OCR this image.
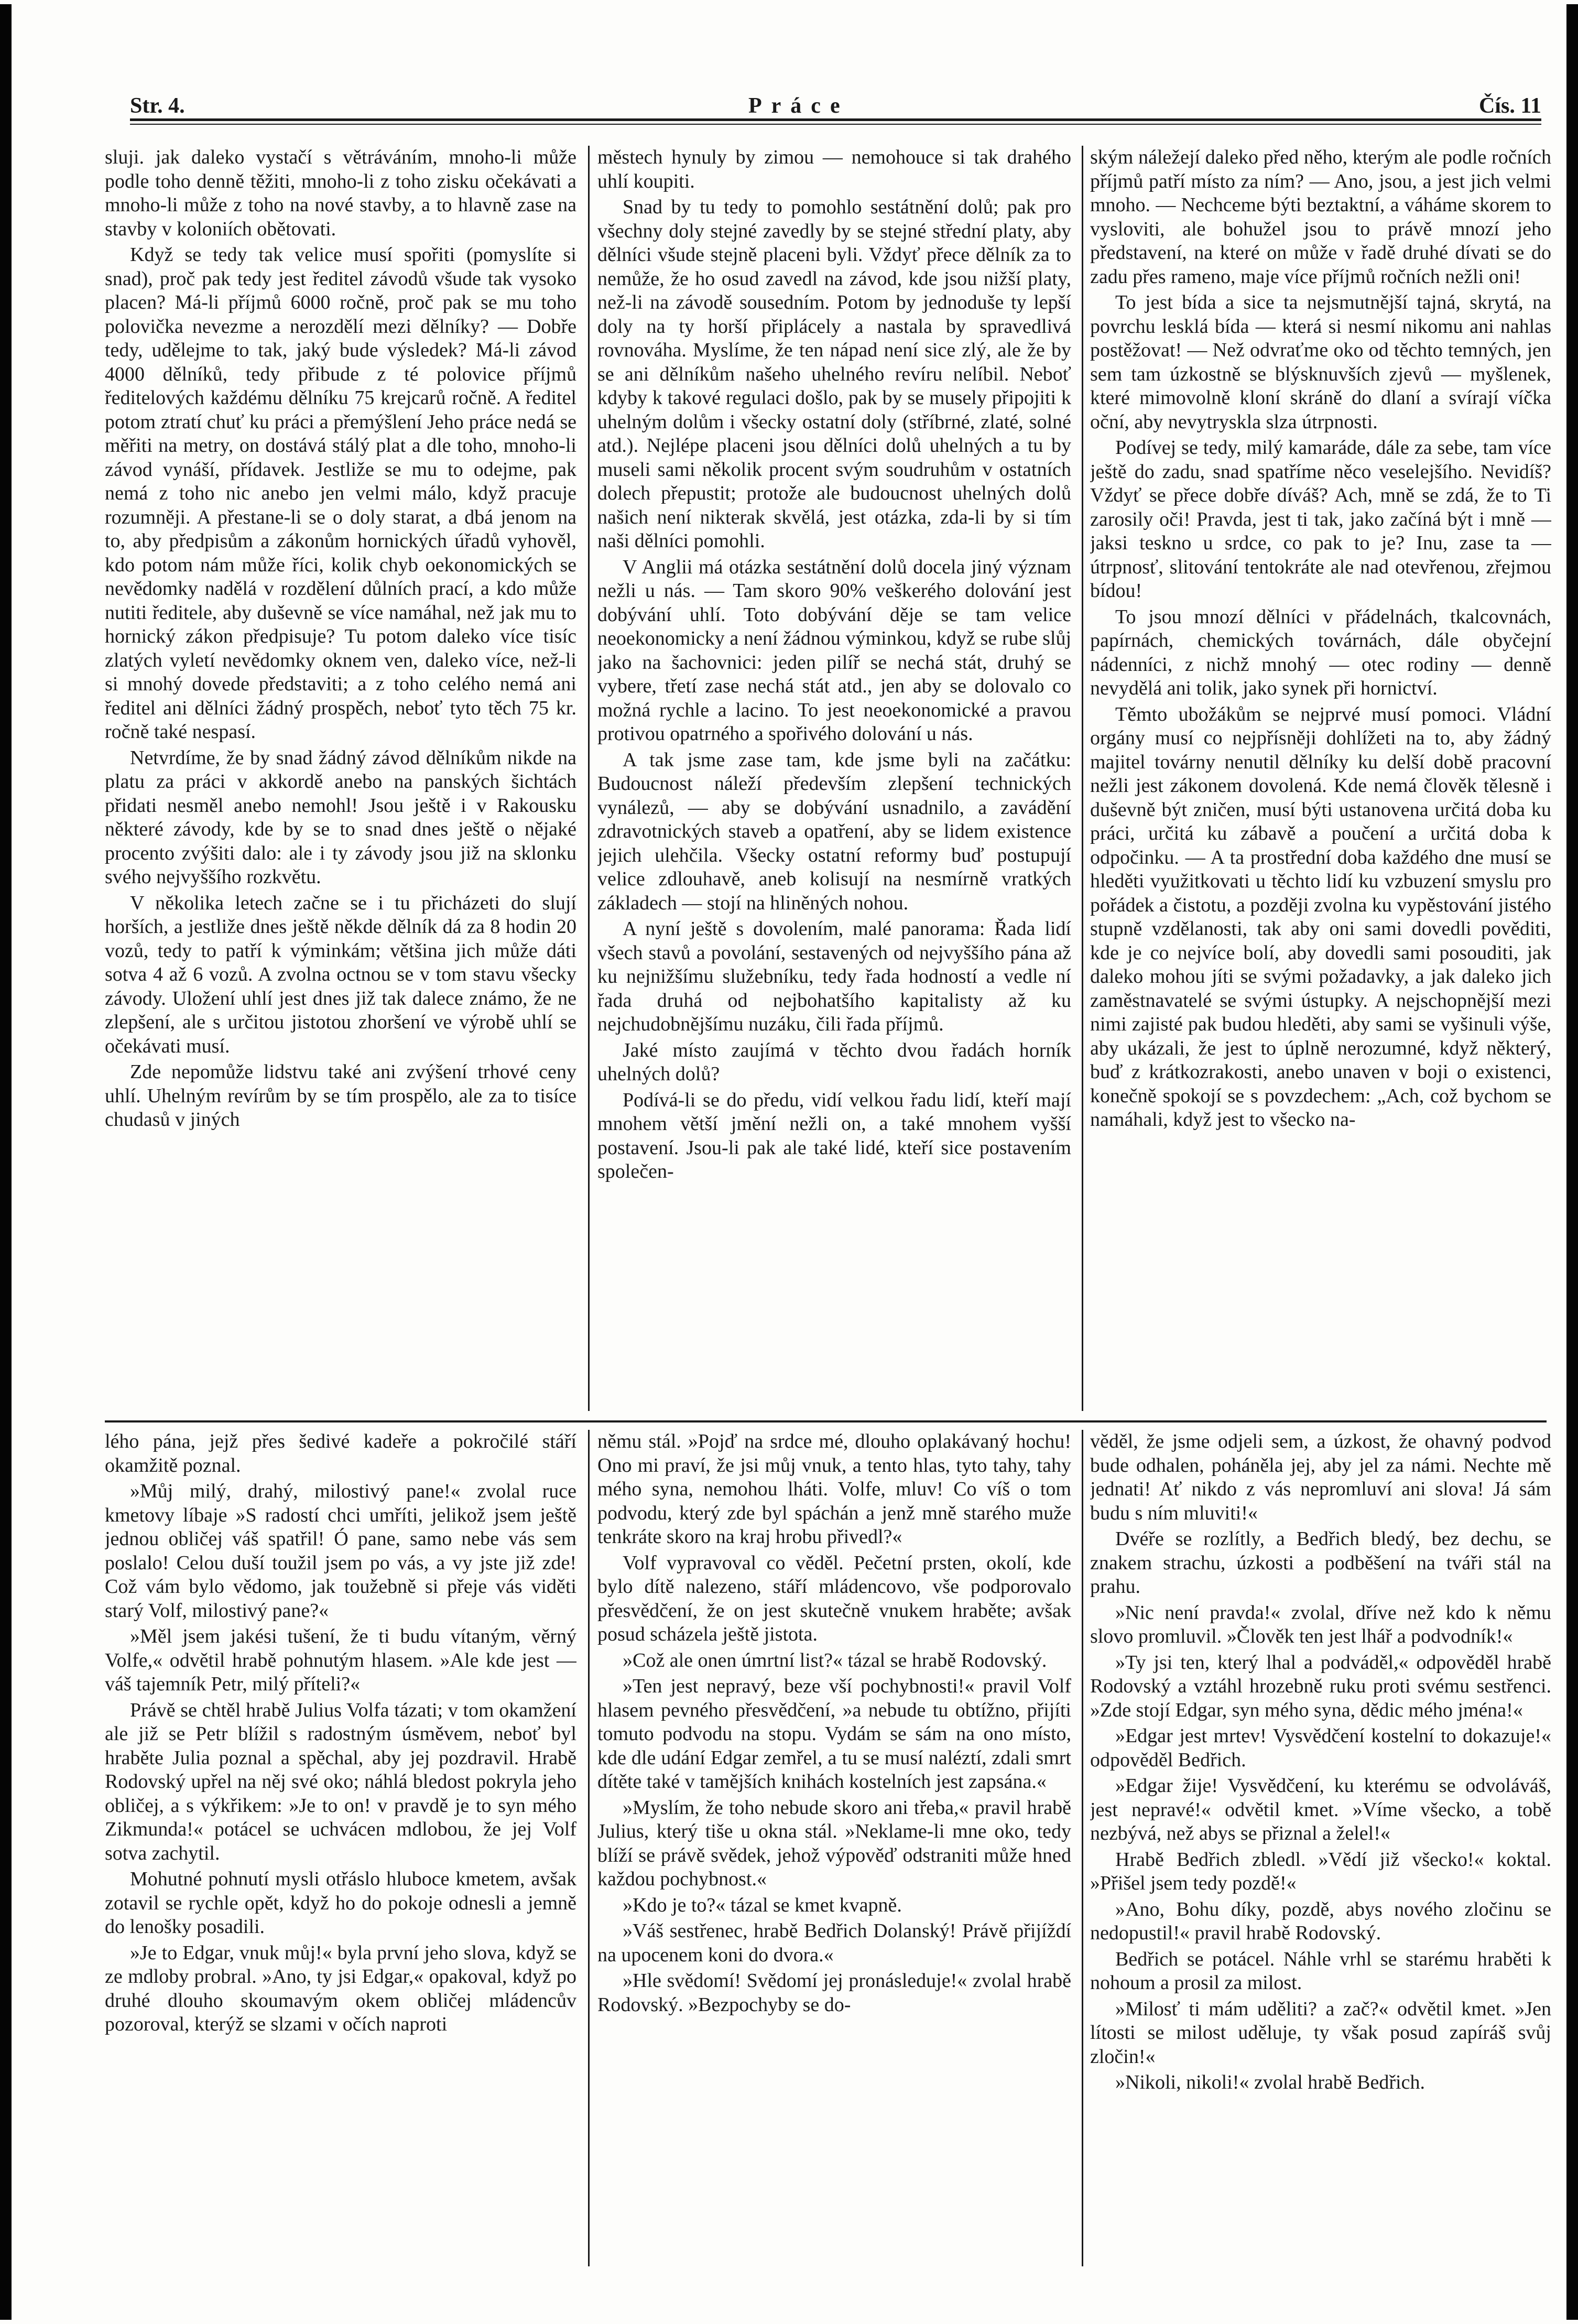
Str. 4.	Práce	Čís. 11

sluji. jak daleko vystačí s větráváním, mnoho-li může podle toho denně těžiti, mnoho-li z toho zisku očekávati a mnoho-li může z toho na nové stavby, a to hlavně zase na stavby v koloniích obětovati.

Když se tedy tak velice musí spořiti (pomyslíte si snad), proč pak tedy jest ředitel závodů všude tak vysoko placen? Má-li příjmů 6000 ročně, proč pak se mu toho polovička nevezme a nerozdělí mezi dělníky? — Dobře tedy, udělejme to tak, jaký bude výsledek? Má-li závod 4000 dělníků, tedy přibude z té polovice příjmů ředitelových každému dělníku 75 krejcarů ročně. A ředitel potom ztratí chuť ku práci a přemýšlení Jeho práce nedá se měřiti na metry, on dostává stálý plat a dle toho, mnoho-li závod vynáší, přídavek. Jestliže se mu to odejme, pak nemá z toho nic anebo jen velmi málo, když pracuje rozumněji. A přestane-li se o doly starat, a dbá jenom na to, aby předpisům a zákonům hornických úřadů vyhověl, kdo potom nám může říci, kolik chyb oekonomických se nevědomky nadělá v rozdělení důlních prací, a kdo může nutiti ředitele, aby duševně se více namáhal, než jak mu to hornický zákon předpisuje? Tu potom daleko více tisíc zlatých vyletí nevědomky oknem ven, daleko více, než-li si mnohý dovede představiti; a z toho celého nemá ani ředitel ani dělníci žádný prospěch, neboť tyto těch 75 kr. ročně také nespasí.

Netvrdíme, že by snad žádný závod dělníkům nikde na platu za práci v akkordě anebo na panských šichtách přidati nesměl anebo nemohl! Jsou ještě i v Rakousku některé závody, kde by se to snad dnes ještě o nějaké procento zvýšiti dalo: ale i ty závody jsou již na sklonku svého nejvyššího rozkvětu.

V několika letech začne se i tu přicházeti do slují horších, a jestliže dnes ještě někde dělník dá za 8 hodin 20 vozů, tedy to patří k výminkám; většina jich může dáti sotva 4 až 6 vozů. A zvolna octnou se v tom stavu všecky závody. Uložení uhlí jest dnes již tak dalece známo, že ne zlepšení, ale s určitou jistotou zhoršení ve výrobě uhlí se očekávati musí.

Zde nepomůže lidstvu také ani zvýšení trhové ceny uhlí. Uhelným revírům by se tím prospělo, ale za to tisíce chudasů v jiných

městech hynuly by zimou — nemohouce si tak drahého uhlí koupiti.

Snad by tu tedy to pomohlo sestátnění dolů; pak pro všechny doly stejné zavedly by se stejné střední platy, aby dělníci všude stejně placeni byli. Vždyť přece dělník za to nemůže, že ho osud zavedl na závod, kde jsou nižší platy, než-li na závodě sousedním. Potom by jednoduše ty lepší doly na ty horší připlácely a nastala by spravedlivá rovnováha. Myslíme, že ten nápad není sice zlý, ale že by se ani dělníkům našeho uhelného revíru nelíbil. Neboť kdyby k takové regulaci došlo, pak by se musely připojiti k uhelným dolům i všecky ostatní doly (stříbrné, zlaté, solné atd.). Nejlépe placeni jsou dělníci dolů uhelných a tu by museli sami několik procent svým soudruhům v ostatních dolech přepustit; protože ale budoucnost uhelných dolů našich není nikterak skvělá, jest otázka, zda-li by si tím naši dělníci pomohli.

V Anglii má otázka sestátnění dolů docela jiný význam nežli u nás. — Tam skoro 90% veškerého dolování jest dobývání uhlí. Toto dobývání děje se tam velice neoekonomicky a není žádnou výminkou, když se rube slůj jako na šachovnici: jeden pilíř se nechá stát, druhý se vybere, třetí zase nechá stát atd., jen aby se dolovalo co možná rychle a lacino. To jest neoekonomické a pravou protivou opatrného a spořivého dolování u nás.

A tak jsme zase tam, kde jsme byli na začátku: Budoucnost náleží především zlepšení technických vynálezů, — aby se dobývání usnadnilo, a zavádění zdravotnických staveb a opatření, aby se lidem existence jejich ulehčila. Všecky ostatní reformy buď postupují velice zdlouhavě, aneb kolisují na nesmírně vratkých základech — stojí na hliněných nohou.

A nyní ještě s dovolením, malé panorama: Řada lidí všech stavů a povolání, sestavených od nejvyššího pána až ku nejnižšímu služebníku, tedy řada hodností a vedle ní řada druhá od nejbohatšího kapitalisty až ku nejchudobnějšímu nuzáku, čili řada příjmů.

Jaké místo zaujímá v těchto dvou řadách horník uhelných dolů?

Podívá-li se do předu, vidí velkou řadu lidí, kteří mají mnohem větší jmění nežli on, a také mnohem vyšší postavení. Jsou-li pak ale také lidé, kteří sice postavením společen-

ským náležejí daleko před něho, kterým ale podle ročních příjmů patří místo za ním? — Ano, jsou, a jest jich velmi mnoho. — Nechceme býti beztaktní, a váháme skorem to vysloviti, ale bohužel jsou to právě mnozí jeho představení, na které on může v řadě druhé dívati se do zadu přes rameno, maje více příjmů ročních nežli oni!

To jest bída a sice ta nejsmutnější tajná, skrytá, na povrchu lesklá bída — která si nesmí nikomu ani nahlas postěžovat! — Než odvraťme oko od těchto temných, jen sem tam úzkostně se blýsknuvších zjevů — myšlenek, které mimovolně kloní skráně do dlaní a svírají víčka oční, aby nevytryskla slza útrpnosti.

Podívej se tedy, milý kamaráde, dále za sebe, tam více ještě do zadu, snad spatříme něco veselejšího. Nevidíš? Vždyť se přece dobře díváš? Ach, mně se zdá, že to Ti zarosily oči! Pravda, jest ti tak, jako začíná být i mně — jaksi teskno u srdce, co pak to je? Inu, zase ta — útrpnosť, slitování tentokráte ale nad otevřenou, zřejmou bídou!

To jsou mnozí dělníci v přádelnách, tkalcovnách, papírnách, chemických továrnách, dále obyčejní nádenníci, z nichž mnohý — otec rodiny — denně nevydělá ani tolik, jako synek při hornictví.

Těmto ubožákům se nejprvé musí pomoci. Vládní orgány musí co nejpřísněji dohlížeti na to, aby žádný majitel továrny nenutil dělníky ku delší době pracovní nežli jest zákonem dovolená. Kde nemá člověk tělesně i duševně být zničen, musí býti ustanovena určitá doba ku práci, určitá ku zábavě a poučení a určitá doba k odpočinku. — A ta prostřední doba každého dne musí se hleděti využitkovati u těchto lidí ku vzbuzení smyslu pro pořádek a čistotu, a později zvolna ku vypěstování jistého stupně vzdělanosti, tak aby oni sami dovedli pověditi, kde je co nejvíce bolí, aby dovedli sami posouditi, jak daleko mohou jíti se svými požadavky, a jak daleko jich zaměstnavatelé se svými ústupky. A nejschopnější mezi nimi zajisté pak budou hleděti, aby sami se vyšinuli výše, aby ukázali, že jest to úplně nerozumné, když některý, buď z krátkozrakosti, anebo unaven v boji o existenci, konečně spokojí se s povzdechem: „Ach, což bychom se namáhali, když jest to všecko na-

lého pána, jejž přes šedivé kadeře a pokročilé stáří okamžitě poznal.

»Můj milý, drahý, milostivý pane!« zvolal ruce kmetovy líbaje »S radostí chci umříti, jelikož jsem ještě jednou obličej váš spatřil! Ó pane, samo nebe vás sem poslalo! Celou duší toužil jsem po vás, a vy jste již zde! Což vám bylo vědomo, jak toužebně si přeje vás viděti starý Volf, milostivý pane?«

»Měl jsem jakési tušení, že ti budu vítaným, věrný Volfe,« odvětil hrabě pohnutým hlasem. »Ale kde jest — váš tajemník Petr, milý příteli?«

Právě se chtěl hrabě Julius Volfa tázati; v tom okamžení ale již se Petr blížil s radostným úsměvem, neboť byl hraběte Julia poznal a spěchal, aby jej pozdravil. Hrabě Rodovský upřel na něj své oko; náhlá bledost pokryla jeho obličej, a s výkřikem: »Je to on! v pravdě je to syn mého Zikmunda!« potácel se uchvácen mdlobou, že jej Volf sotva zachytil.

Mohutné pohnutí mysli otřáslo hluboce kmetem, avšak zotavil se rychle opět, když ho do pokoje odnesli a jemně do lenošky posadili.

»Je to Edgar, vnuk můj!« byla první jeho slova, když se ze mdloby probral. »Ano, ty jsi Edgar,« opakoval, když po druhé dlouho skoumavým okem obličej mládencův pozoroval, kterýž se slzami v očích naproti

němu stál. »Pojď na srdce mé, dlouho oplakávaný hochu! Ono mi praví, že jsi můj vnuk, a tento hlas, tyto tahy, tahy mého syna, nemohou lháti. Volfe, mluv! Co víš o tom podvodu, který zde byl spáchán a jenž mně starého muže tenkráte skoro na kraj hrobu přivedl?«

Volf vypravoval co věděl. Pečetní prsten, okolí, kde bylo dítě nalezeno, stáří mládencovo, vše podporovalo přesvědčení, že on jest skutečně vnukem hraběte; avšak posud scházela ještě jistota.

»Což ale onen úmrtní list?« tázal se hrabě Rodovský.

»Ten jest nepravý, beze vší pochybnosti!« pravil Volf hlasem pevného přesvědčení, »a nebude tu obtížno, přijíti tomuto podvodu na stopu. Vydám se sám na ono místo, kde dle udání Edgar zemřel, a tu se musí naléztí, zdali smrt dítěte také v tamějších knihách kostelních jest zapsána.«

»Myslím, že toho nebude skoro ani třeba,« pravil hrabě Julius, který tiše u okna stál. »Neklame-li mne oko, tedy blíží se právě svědek, jehož výpověď odstraniti může hned každou pochybnost.«

»Kdo je to?« tázal se kmet kvapně.

»Váš sestřenec, hrabě Bedřich Dolanský! Právě přijíždí na upocenem koni do dvora.«

»Hle svědomí! Svědomí jej pronásleduje!« zvolal hrabě Rodovský. »Bezpochyby se do-

věděl, že jsme odjeli sem, a úzkost, že ohavný podvod bude odhalen, poháněla jej, aby jel za námi. Nechte mě jednati! Ať nikdo z vás nepromluví ani slova! Já sám budu s ním mluviti!«

Dvéře se rozlítly, a Bedřich bledý, bez dechu, se znakem strachu, úzkosti a podběšení na tváři stál na prahu.

»Nic není pravda!« zvolal, dříve než kdo k němu slovo promluvil. »Člověk ten jest lhář a podvodník!«

»Ty jsi ten, který lhal a podváděl,« odpověděl hrabě Rodovský a vztáhl hrozebně ruku proti svému sestřenci. »Zde stojí Edgar, syn mého syna, dědic mého jména!«

»Edgar jest mrtev! Vysvědčení kostelní to dokazuje!« odpověděl Bedřich.

»Edgar žije! Vysvědčení, ku kterému se odvoláváš, jest nepravé!« odvětil kmet. »Víme všecko, a tobě nezbývá, než abys se přiznal a želel!«

Hrabě Bedřich zbledl. »Vědí již všecko!« koktal. »Přišel jsem tedy pozdě!«

»Ano, Bohu díky, pozdě, abys nového zločinu se nedopustil!« pravil hrabě Rodovský.

Bedřich se potácel. Náhle vrhl se starému hraběti k nohoum a prosil za milost.

»Milosť ti mám uděliti? a zač?« odvětil kmet. »Jen lítosti se milost uděluje, ty však posud zapíráš svůj zločin!«

»Nikoli, nikoli!« zvolal hrabě Bedřich.
